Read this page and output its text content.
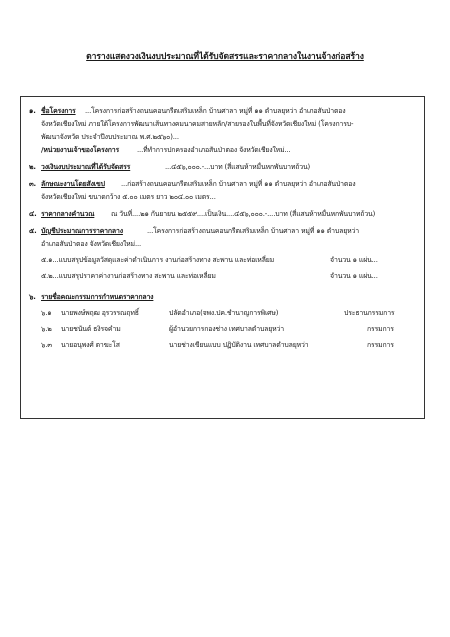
ตารางแสดงวงเงินงบประมาณที่ได้รับจัดสรรและราคากลางในงานจ้างก่อสร้าง
๑. ชื่อโครงการ ...โครงการก่อสร้างถนนคอนกรีตเสริมเหล็ก บ้านศาลา หมู่ที่ ๑๑ ตำบลยุหว่า อำเภอสันป่าตอง
จังหวัดเชียงใหม่ ภายใต้โครงการพัฒนาเส้นทางคมนาคมสายหลัก/สายรองในพื้นที่จังหวัดเชียงใหม่ (โครงการบ-
พัฒนาจังหวัด ประจำปีงบประมาณ พ.ศ.๒๕๖๐)...
/หน่วยงานเจ้าของโครงการ	...ที่ทำการปกครองอำเภอสันป่าตอง จังหวัดเชียงใหม่...
๒. วงเงินงบประมาณที่ได้รับจัดสรร	...๔๕๖,๐๐๐.-...บาท (สี่แสนห้าหมื่นหกพันบาทถ้วน)
๓. ลักษณะงานโดยสังเขป ...ก่อสร้างถนนคอนกรีตเสริมเหล็ก บ้านศาลา หมู่ที่ ๑๑ ตำบลยุหว่า อำเภอสันป่าตอง
จังหวัดเชียงใหม่ ขนาดกว้าง ๕.๐๐ เมตร ยาว ๒๐๔.๐๐ เมตร...
๔. ราคากลางคำนวณ ณ วันที่....๒๑ กันยายน ๒๕๕๙....เป็นเงิน....๔๕๖,๐๐๐.-....บาท (สี่แสนห้าหมื่นหกพันบาทถ้วน)
๕. บัญชีประมาณการราคากลาง	...โครงการก่อสร้างถนนคอนกรีตเสริมเหล็ก บ้านศาลา หมู่ที่ ๑๑ ตำบลยุหว่า
อำเภอสันป่าตอง จังหวัดเชียงใหม่...
๕.๑...แบบสรุปข้อมูลวัสดุและค่าดำเนินการ งานก่อสร้างทาง สะพาน และท่อเหลี่ยม	จำนวน ๑ แผ่น...
๕.๒...แบบสรุปราคาค่างานก่อสร้างทาง สะพาน และท่อเหลี่ยม	จำนวน ๑ แผ่น...
๖. รายชื่อคณะกรรมการกำหนดราคากลาง
๖.๑ นายพงษ์พฤฒ อุรวรรณฤทธิ์	ปลัดอำเภอ(จพง.ปค.ชำนาญการพิเศษ)	ประธานกรรมการ
๖.๒ นายชนันต์ ธงิรจคำม	ผู้อำนวยการกองช่าง เทศบาลตำบลยุหว่า	กรรมการ
๖.๓ นายอนุพงศ์ ตาฆะโส	นายช่างเขียนแบบ ปฏิบัติงาน เทศบาลตำบลยุหว่า	กรรมการ
